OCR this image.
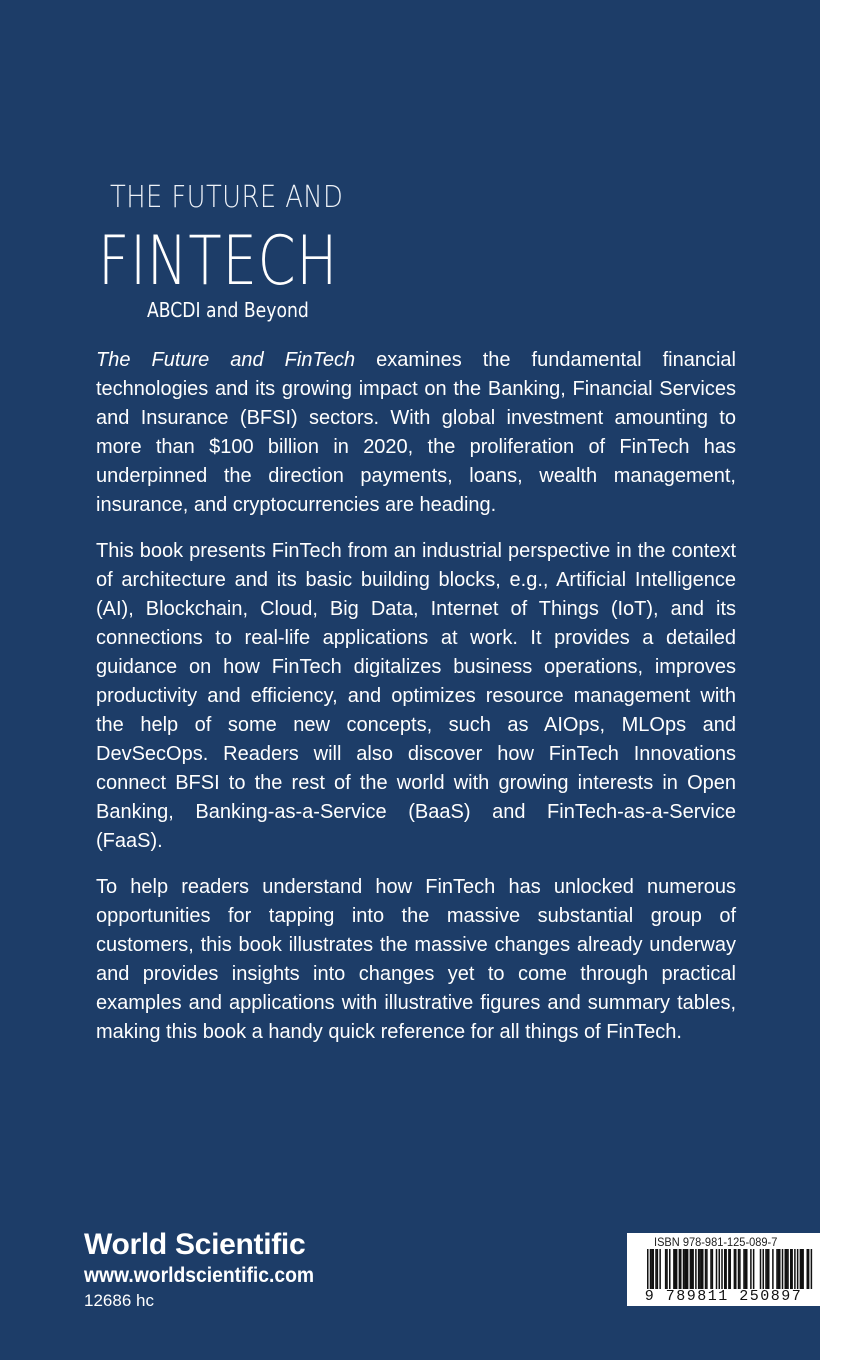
THE FUTURE AND
FINTECH
ABCDI and Beyond

The Future and FinTech examines the fundamental financial technologies and its growing impact on the Banking, Financial Services and Insurance (BFSI) sectors. With global investment amounting to more than $100 billion in 2020, the proliferation of FinTech has underpinned the direction payments, loans, wealth management, insurance, and cryptocurrencies are heading.

This book presents FinTech from an industrial perspective in the context of architecture and its basic building blocks, e.g., Artificial Intelligence (AI), Blockchain, Cloud, Big Data, Internet of Things (IoT), and its connections to real-life applications at work. It provides a detailed guidance on how FinTech digitalizes business operations, improves productivity and efficiency, and optimizes resource management with the help of some new concepts, such as AIOps, MLOps and DevSecOps. Readers will also discover how FinTech Innovations connect BFSI to the rest of the world with growing interests in Open Banking, Banking-as-a-Service (BaaS) and FinTech-as-a-Service (FaaS).

To help readers understand how FinTech has unlocked numerous opportunities for tapping into the massive substantial group of customers, this book illustrates the massive changes already underway and provides insights into changes yet to come through practical examples and applications with illustrative figures and summary tables, making this book a handy quick reference for all things of FinTech.

World Scientific
www.worldscientific.com
12686 hc
ISBN 978-981-125-089-7
9 789811 250897
